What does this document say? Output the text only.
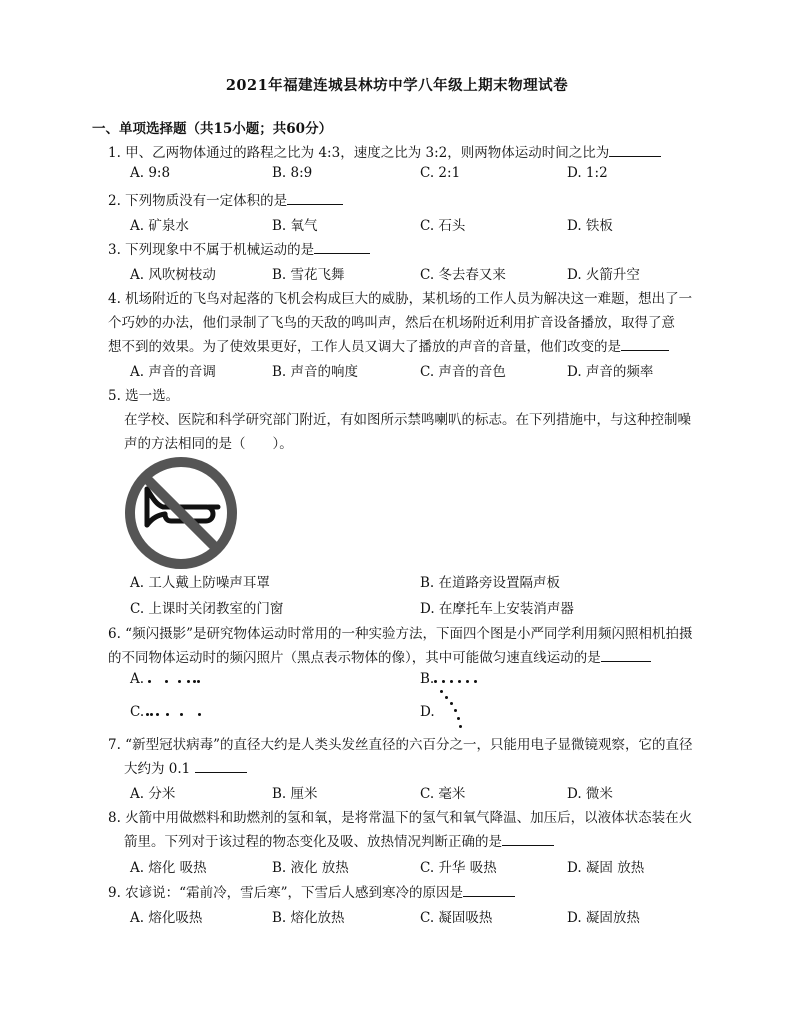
2021年福建连城县林坊中学八年级上期末物理试卷
一、单项选择题（共15小题；共60分）
1. 甲、乙两物体通过的路程之比为 4:3，速度之比为 3:2，则两物体运动时间之比为
A. 9:8	B. 8:9	C. 2:1	D. 1:2
2. 下列物质没有一定体积的是
A. 矿泉水	B. 氧气	C. 石头	D. 铁板
3. 下列现象中不属于机械运动的是
A. 风吹树枝动	B. 雪花飞舞	C. 冬去春又来	D. 火箭升空
4. 机场附近的飞鸟对起落的飞机会构成巨大的威胁，某机场的工作人员为解决这一难题，想出了一
个巧妙的办法，他们录制了飞鸟的天敌的鸣叫声，然后在机场附近利用扩音设备播放，取得了意
想不到的效果。为了使效果更好，工作人员又调大了播放的声音的音量，他们改变的是
A. 声音的音调	B. 声音的响度	C. 声音的音色	D. 声音的频率
5. 选一选。
在学校、医院和科学研究部门附近，有如图所示禁鸣喇叭的标志。在下列措施中，与这种控制噪
声的方法相同的是（　　）。
A. 工人戴上防噪声耳罩	B. 在道路旁设置隔声板
C. 上课时关闭教室的门窗	D. 在摩托车上安装消声器
6. “频闪摄影”是研究物体运动时常用的一种实验方法，下面四个图是小严同学利用频闪照相机拍摄
的不同物体运动时的频闪照片（黑点表示物体的像），其中可能做匀速直线运动的是
A.	B.
C.	D.
7. “新型冠状病毒”的直径大约是人类头发丝直径的六百分之一，只能用电子显微镜观察，它的直径
大约为 0.1
A. 分米	B. 厘米	C. 毫米	D. 微米
8. 火箭中用做燃料和助燃剂的氢和氧，是将常温下的氢气和氧气降温、加压后，以液体状态装在火
箭里。下列对于该过程的物态变化及吸、放热情况判断正确的是
A. 熔化 吸热	B. 液化 放热	C. 升华 吸热	D. 凝固 放热
9. 农谚说：“霜前冷，雪后寒”，下雪后人感到寒冷的原因是
A. 熔化吸热	B. 熔化放热	C. 凝固吸热	D. 凝固放热
